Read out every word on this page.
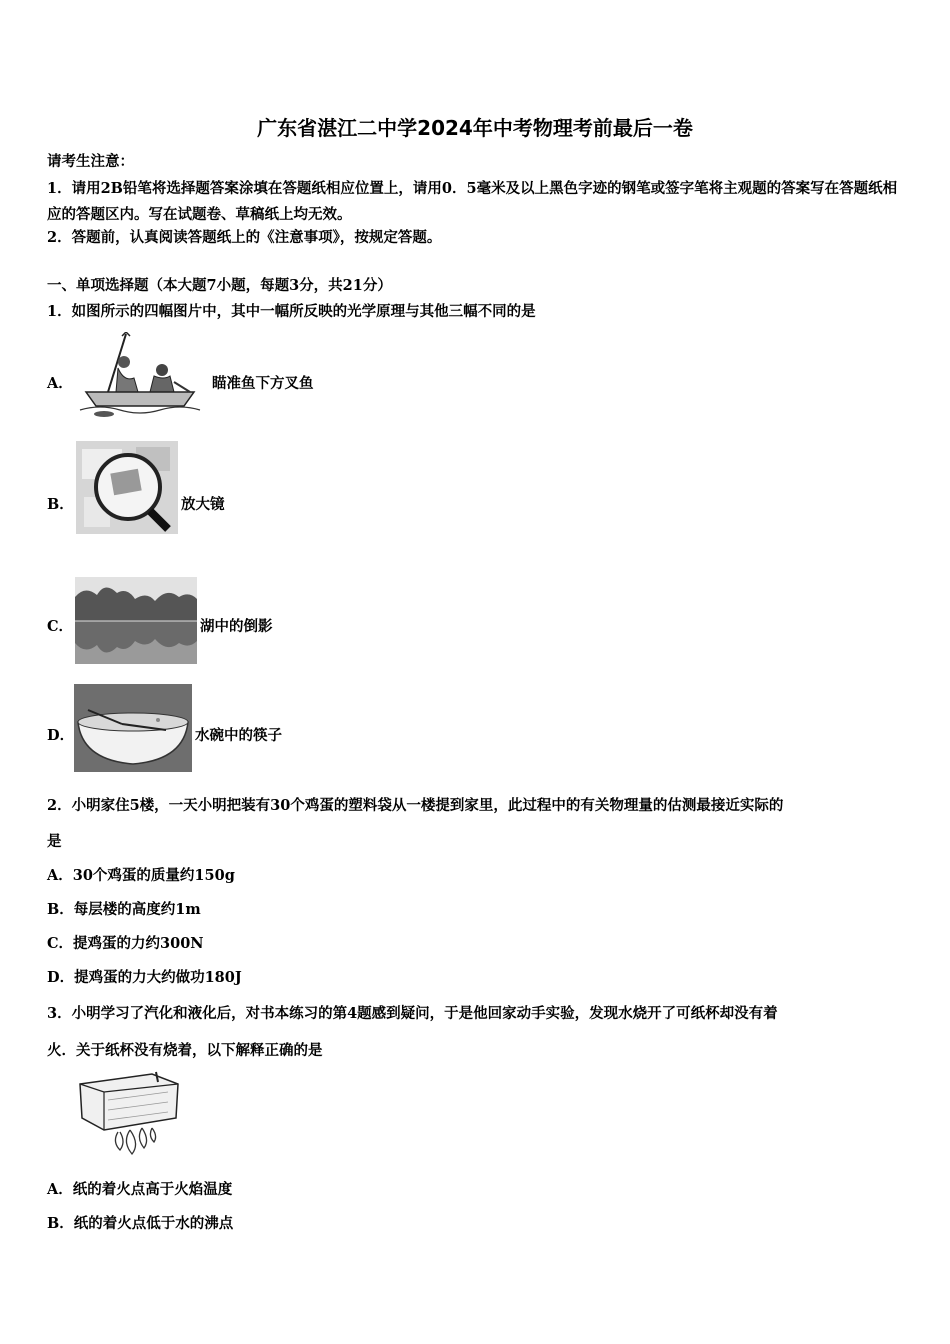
广东省湛江二中学2024年中考物理考前最后一卷
请考生注意：
1．请用2B铅笔将选择题答案涂填在答题纸相应位置上，请用0．5毫米及以上黑色字迹的钢笔或签字笔将主观题的答案写在答题纸相应的答题区内。写在试题卷、草稿纸上均无效。
2．答题前，认真阅读答题纸上的《注意事项》，按规定答题。
一、单项选择题（本大题7小题，每题3分，共21分）
1．如图所示的四幅图片中，其中一幅所反映的光学原理与其他三幅不同的是
A．	瞄准鱼下方叉鱼
B．	放大镜
C．	湖中的倒影
D．	水碗中的筷子
2．小明家住5楼，一天小明把装有30个鸡蛋的塑料袋从一楼提到家里，此过程中的有关物理量的估测最接近实际的
是
A．30个鸡蛋的质量约150g
B．每层楼的高度约1m
C．提鸡蛋的力约300N
D．提鸡蛋的力大约做功180J
3．小明学习了汽化和液化后，对书本练习的第4题感到疑问，于是他回家动手实验，发现水烧开了可纸杯却没有着
火．关于纸杯没有烧着，以下解释正确的是
A．纸的着火点高于火焰温度
B．纸的着火点低于水的沸点
